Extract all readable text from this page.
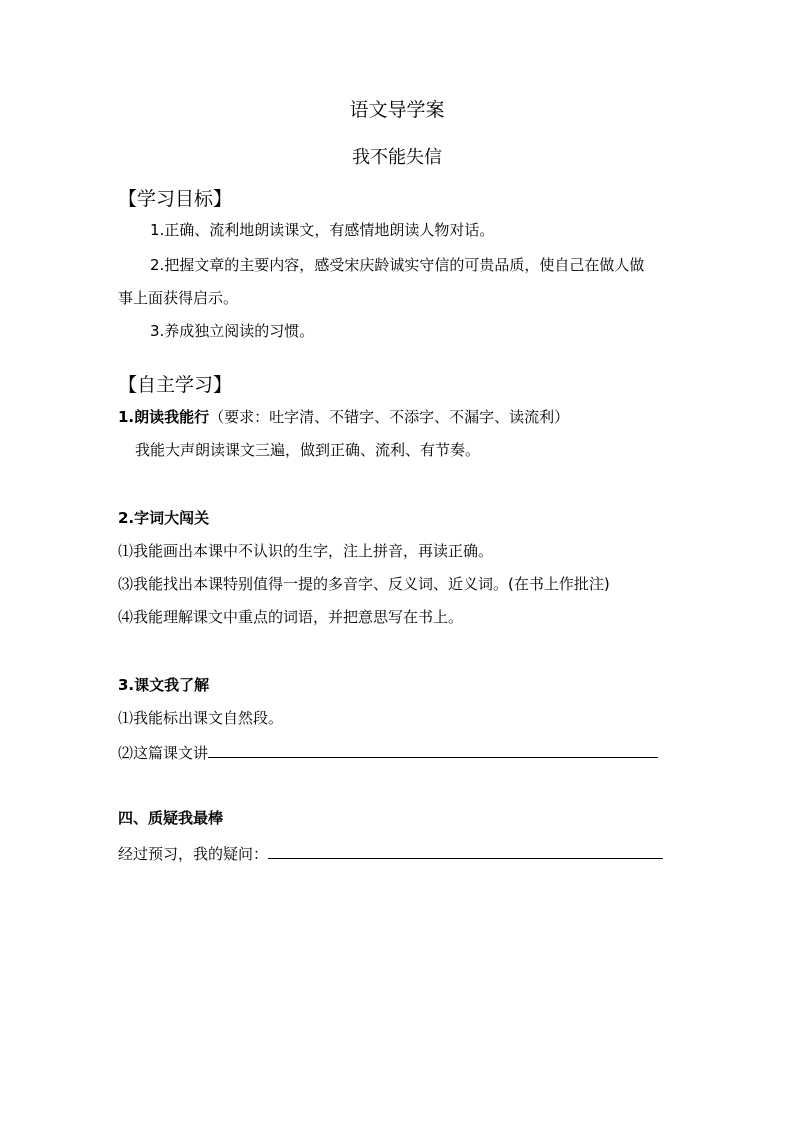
语文导学案
我不能失信
【学习目标】
1.正确、流利地朗读课文，有感情地朗读人物对话。
2.把握文章的主要内容，感受宋庆龄诚实守信的可贵品质，使自己在做人做
事上面获得启示。
3.养成独立阅读的习惯。
【自主学习】
1.朗读我能行（要求：吐字清、不错字、不添字、不漏字、读流利）
我能大声朗读课文三遍，做到正确、流利、有节奏。
2.字词大闯关
⑴我能画出本课中不认识的生字，注上拼音，再读正确。
⑶我能找出本课特别值得一提的多音字、反义词、近义词。(在书上作批注)
⑷我能理解课文中重点的词语，并把意思写在书上。
3.课文我了解
⑴我能标出课文自然段。
⑵这篇课文讲
四、质疑我最棒
经过预习，我的疑问：
